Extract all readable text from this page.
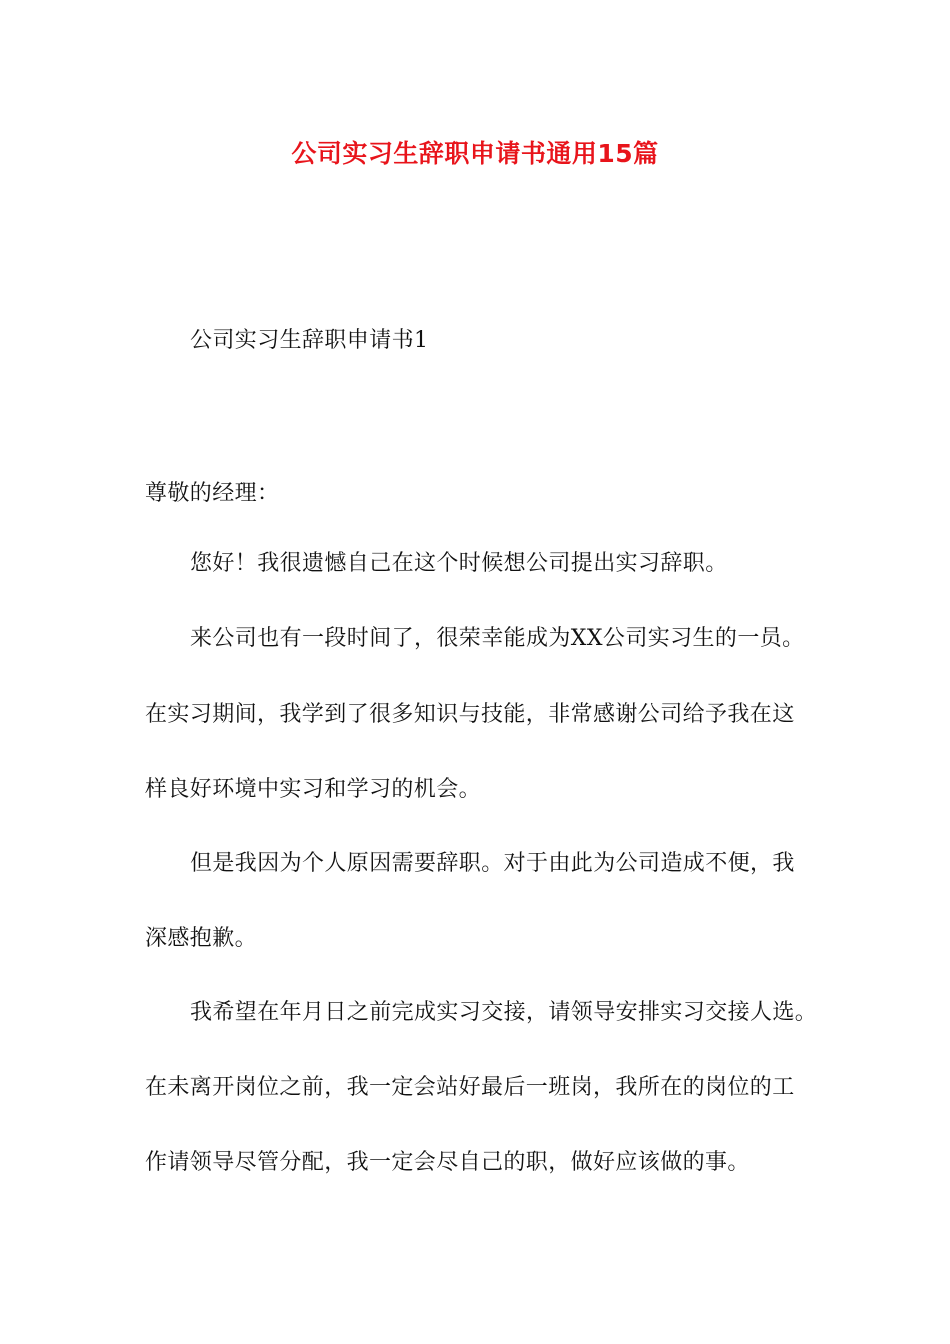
公司实习生辞职申请书通用15篇
公司实习生辞职申请书1
尊敬的经理：
您好！我很遗憾自己在这个时候想公司提出实习辞职。
来公司也有一段时间了，很荣幸能成为XX公司实习生的一员。
在实习期间，我学到了很多知识与技能，非常感谢公司给予我在这
样良好环境中实习和学习的机会。
但是我因为个人原因需要辞职。对于由此为公司造成不便，我
深感抱歉。
我希望在年月日之前完成实习交接，请领导安排实习交接人选。
在未离开岗位之前，我一定会站好最后一班岗，我所在的岗位的工
作请领导尽管分配，我一定会尽自己的职，做好应该做的事。
